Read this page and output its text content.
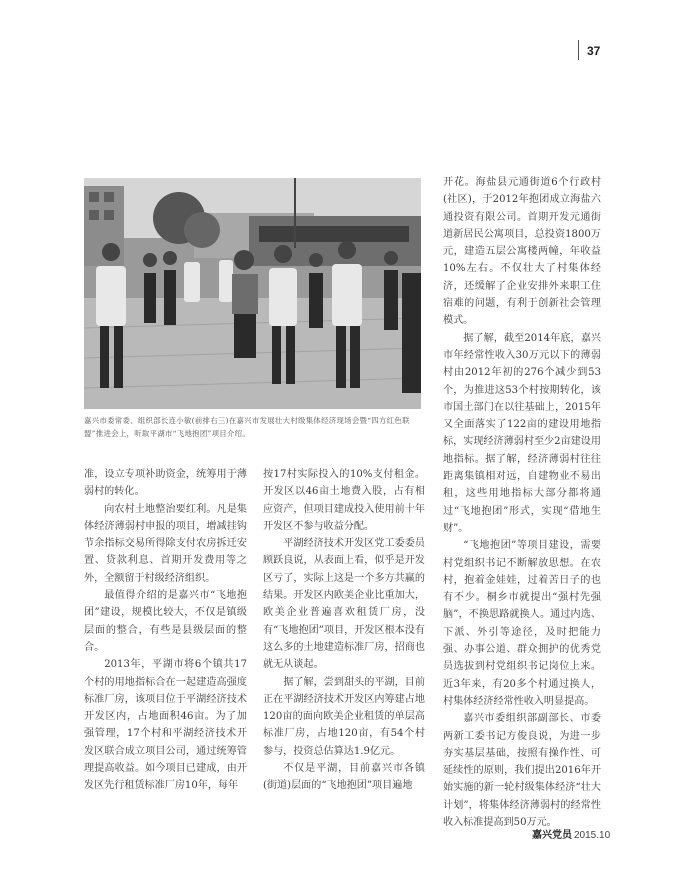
37
嘉兴市委常委、组织部长连小敏(前排右三)在嘉兴市发展壮大村级集体经济现场会暨“四方红色联盟”推进会上，听取平湖市“飞地抱团”项目介绍。

准，设立专项补助资金，统筹用于薄弱村的转化。

向农村土地整治要红利。凡是集体经济薄弱村申报的项目，增减挂钩节余指标交易所得除支付农房拆迁安置、贷款利息、首期开发费用等之外，全额留于村级经济组织。

最值得介绍的是嘉兴市“飞地抱团”建设，规模比较大，不仅是镇级层面的整合，有些是县级层面的整合。

2013年，平湖市将6个镇共17个村的用地指标合在一起建造高强度标准厂房，该项目位于平湖经济技术开发区内，占地面积46亩。为了加强管理，17个村和平湖经济技术开发区联合成立项目公司，通过统筹管理提高收益。如今项目已建成，由开发区先行租赁标准厂房10年，每年

按17村实际投入的10%支付租金。开发区以46亩土地费入股，占有相应资产，但项目建成投入使用前十年开发区不参与收益分配。

平湖经济技术开发区党工委委员顾跃良说，从表面上看，似乎是开发区亏了，实际上这是一个多方共赢的结果。开发区内欧美企业比重加大，欧美企业普遍喜欢租赁厂房，没有“飞地抱团”项目，开发区根本没有这么多的土地建造标准厂房，招商也就无从谈起。

据了解，尝到甜头的平湖，目前正在平湖经济技术开发区内筹建占地120亩的面向欧美企业租赁的单层高标准厂房，占地120亩，有54个村参与，投资总估算达1.9亿元。

不仅是平湖，目前嘉兴市各镇(街道)层面的“飞地抱团”项目遍地

开花。海盐县元通街道6个行政村(社区)，于2012年抱团成立海盐六通投资有限公司。首期开发元通街道新居民公寓项目，总投资1800万元，建造五层公寓楼两幢，年收益10%左右。不仅壮大了村集体经济，还缓解了企业安排外来职工住宿难的问题，有利于创新社会管理模式。

据了解，截至2014年底，嘉兴市年经常性收入30万元以下的薄弱村由2012年初的276个减少到53个，为推进这53个村按期转化，该市国土部门在以往基础上，2015年又全面落实了122亩的建设用地指标，实现经济薄弱村至少2亩建设用地指标。据了解，经济薄弱村往往距离集镇相对远，自建物业不易出租，这些用地指标大部分都将通过“飞地抱团”形式，实现“借地生财”。

“飞地抱团”等项目建设，需要村党组织书记不断解放思想。在农村，抱着金娃娃，过着苦日子的也有不少。桐乡市就提出“强村先强脑”，不换思路就换人。通过内选、下派、外引等途径，及时把能力强、办事公道、群众拥护的优秀党员选拔到村党组织书记岗位上来。近3年来，有20多个村通过换人，村集体经济经常性收入明显提高。

嘉兴市委组织部副部长、市委两新工委书记方俊良说，为进一步夯实基层基础，按照有操作性、可延续性的原则，我们提出2016年开始实施的新一轮村级集体经济“壮大计划”，将集体经济薄弱村的经常性收入标准提高到50万元。

嘉兴党员 2015.10
